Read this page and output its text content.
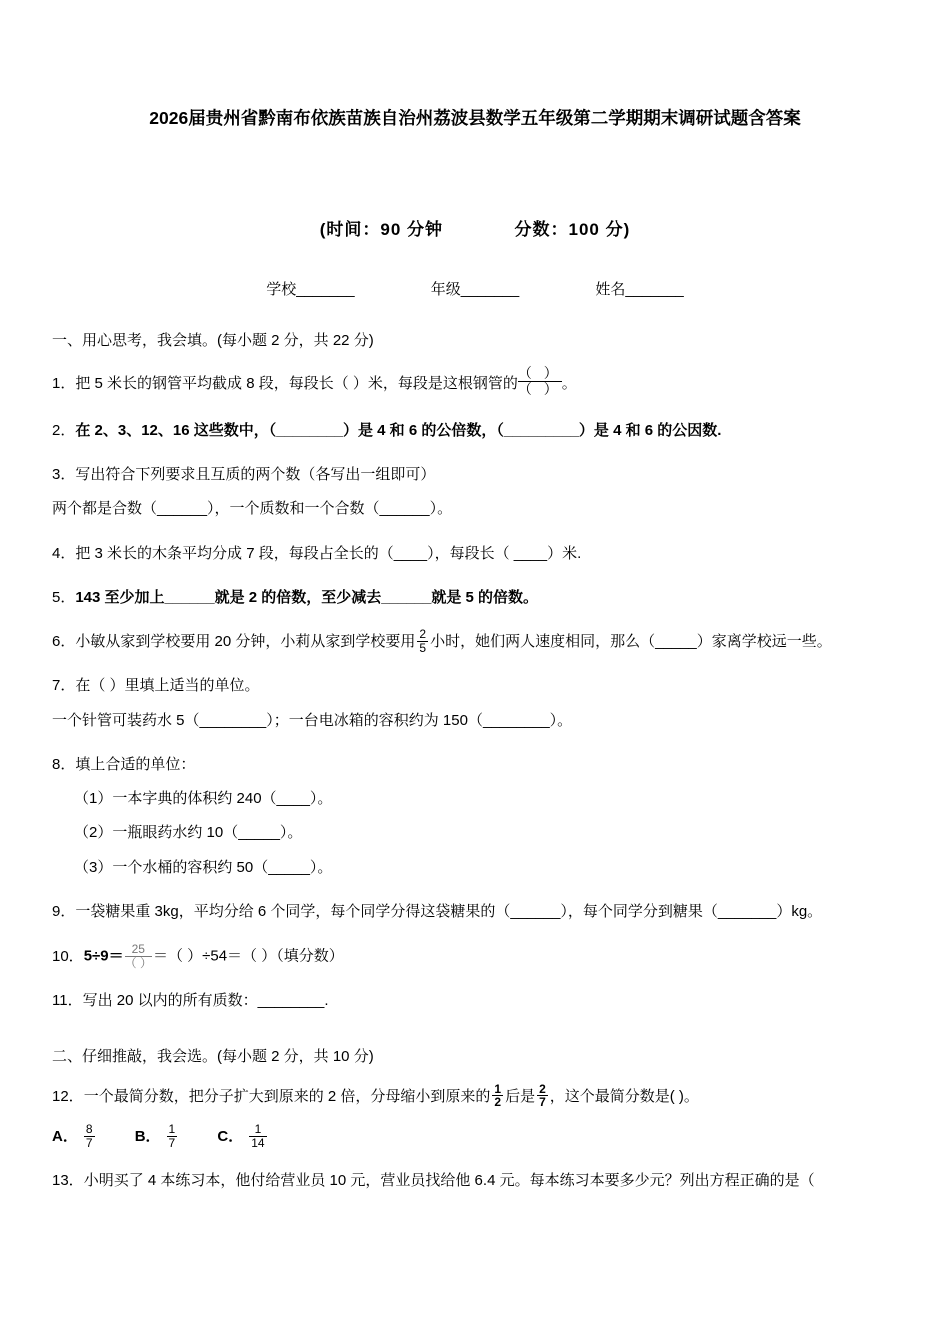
2026届贵州省黔南布依族苗族自治州荔波县数学五年级第二学期期末调研试题含答案
(时间：90 分钟	分数：100 分)
学校_______	年级_______	姓名_______
一、用心思考，我会填。(每小题 2 分，共 22 分)
1．把 5 米长的钢管平均截成 8 段，每段长（ ）米，每段是这根钢管的
（ ）
（ ） 。
2．在 2、3、12、16 这些数中，（________）是 4 和 6 的公倍数，（_________）是 4 和 6 的公因数.
3．写出符合下列要求且互质的两个数（各写出一组即可）
两个都是合数（______），一个质数和一个合数（______）。
4．把 3 米长的木条平均分成 7 段，每段占全长的（____），每段长（ ____）米.
5．143 至少加上______就是 2 的倍数，至少减去______就是 5 的倍数。
6．小敏从家到学校要用 20 分钟，小莉从家到学校要用 $\frac{2}{5}$ 小时，她们两人速度相同，那么（_____）家离学校远一些。
7．在（ ）里填上适当的单位。
一个针管可装药水 5（________）；一台电冰箱的容积约为 150（________）。
8．填上合适的单位：
（1）一本字典的体积约 240（____）。
（2）一瓶眼药水约 10（_____）。
（3）一个水桶的容积约 50（_____）。
9．一袋糖果重 3kg，平均分给 6 个同学，每个同学分得这袋糖果的（______），每个同学分到糖果（_______）kg。
10．$5\div 9= \frac{25}{( )}$ ＝（ ）÷54＝（ ）（填分数）
11．写出 20 以内的所有质数：________.
二、仔细推敲，我会选。(每小题 2 分，共 10 分)
12．一个最简分数，把分子扩大到原来的 2 倍，分母缩小到原来的 $\frac{1}{2}$ 后是 $\frac{2}{7}$ ，这个最简分数是( )。
A． $\frac{8}{7}$	B． $\frac{1}{7}$	C． $\frac{1}{14}$
13．小明买了 4 本练习本，他付给营业员 10 元，营业员找给他 6.4 元。每本练习本要多少元？列出方程正确的是（
